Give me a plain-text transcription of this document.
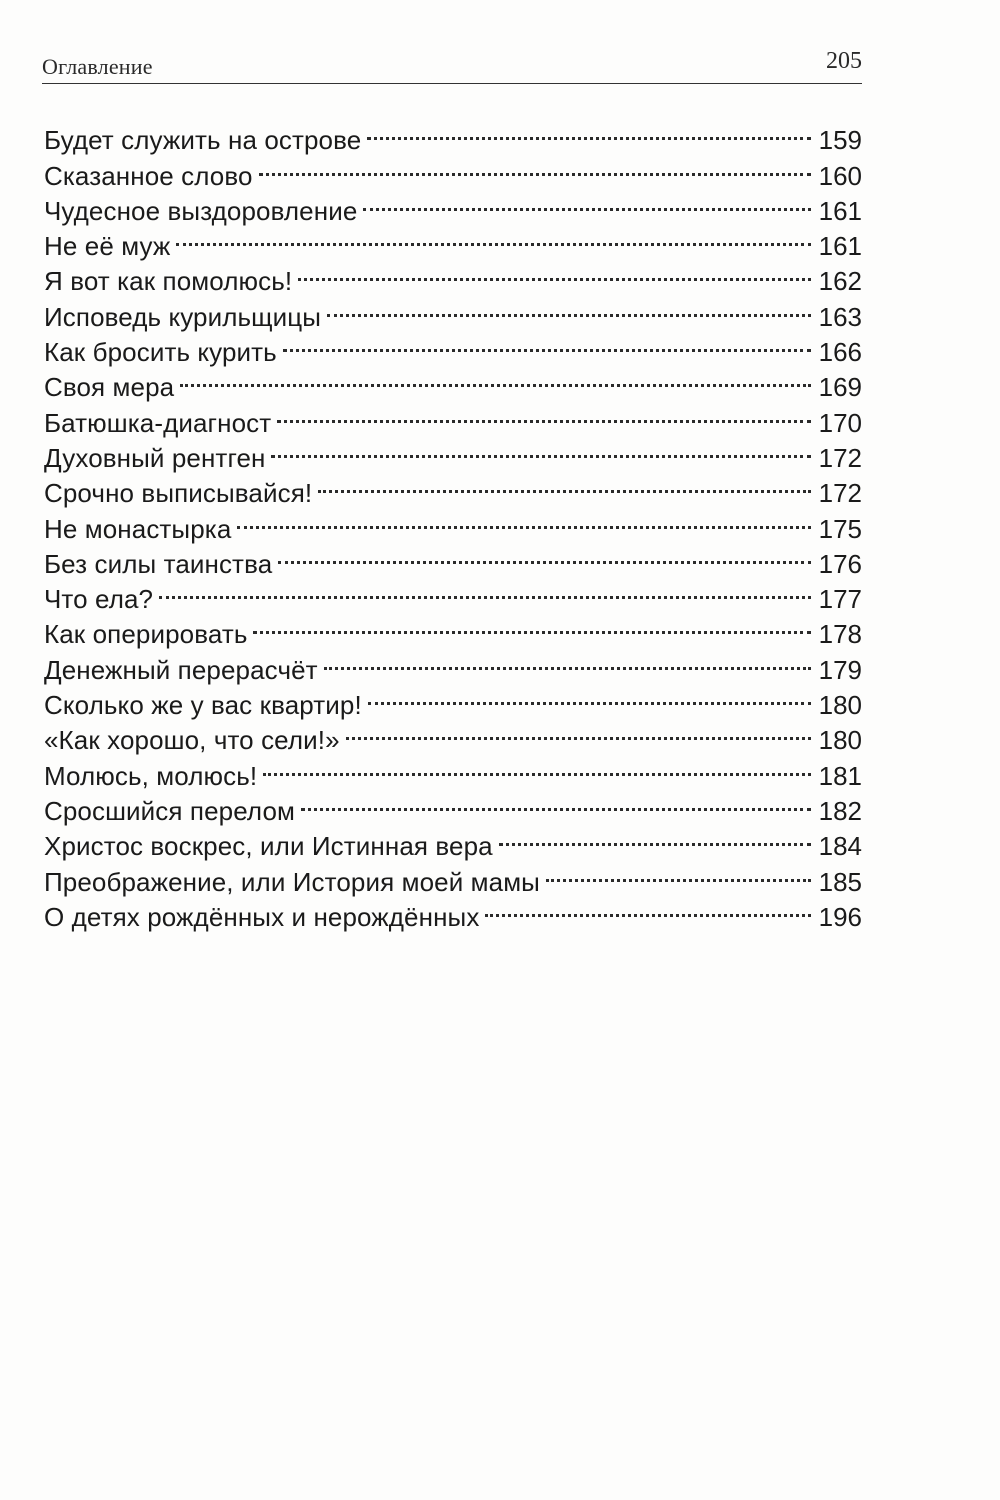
Оглавление	205
Будет служить на острове	159
Сказанное слово	160
Чудесное выздоровление	161
Не её муж	161
Я вот как помолюсь!	162
Исповедь курильщицы	163
Как бросить курить	166
Своя мера	169
Батюшка-диагност	170
Духовный рентген	172
Срочно выписывайся!	172
Не монастырка	175
Без силы таинства	176
Что ела?	177
Как оперировать	178
Денежный перерасчёт	179
Сколько же у вас квартир!	180
«Как хорошо, что сели!»	180
Молюсь, молюсь!	181
Сросшийся перелом	182
Христос воскрес, или Истинная вера	184
Преображение, или История моей мамы	185
О детях рождённых и нерождённых	196
